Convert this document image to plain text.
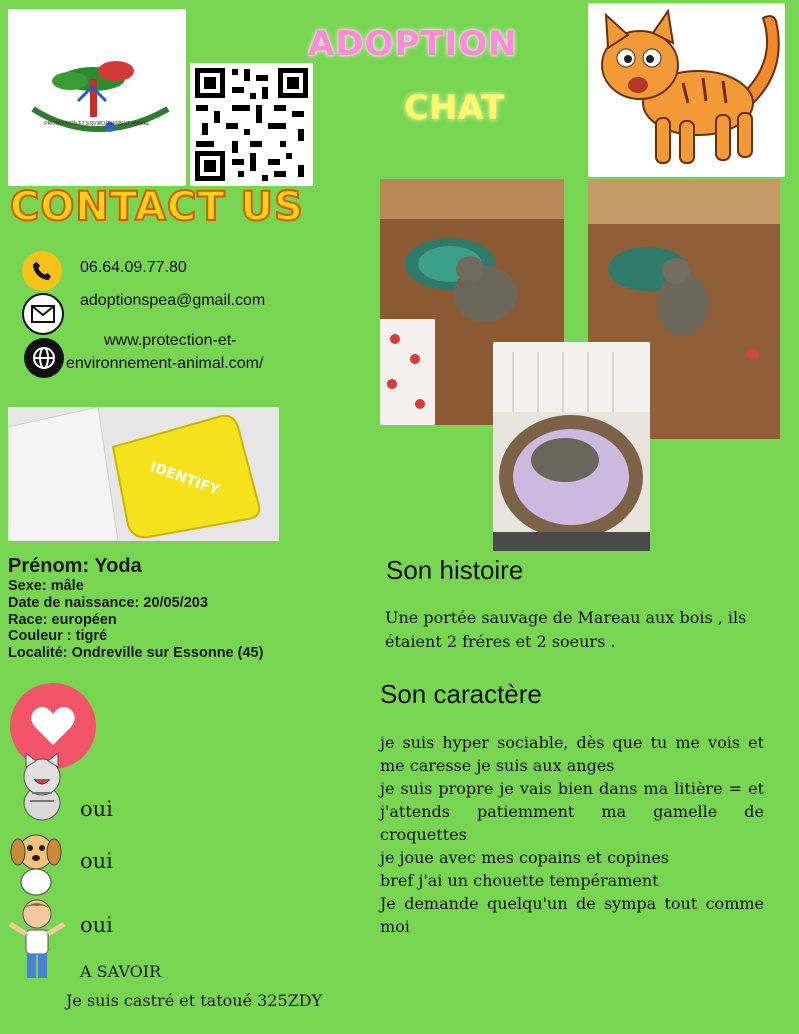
PROTECTION ET ENVIRONNEMENT ANIMAL
ADOPTION
CHAT
CONTACT US
06.64.09.77.80
adoptionspea@gmail.com
www.protection-et-
environnement-animal.com/
IDENTIFY
Prénom: Yoda
Sexe: mâle
Date de naissance: 20/05/203
Race: européen
Couleur : tigré
Localité: Ondreville sur Essonne (45)
oui
oui
oui
A SAVOIR
Je suis castré et tatoué 325ZDY
Son histoire
Une portée sauvage de Mareau aux bois , ils étaient 2 fréres et 2 soeurs .
Son caractère
je suis hyper sociable, dès que tu me vois et me caresse je suis aux anges
je suis propre je vais bien dans ma litière = et j'attends patiemment ma gamelle de croquettes
je joue avec mes copains et copines
bref j'ai un chouette tempérament
Je demande quelqu'un de sympa tout comme moi
